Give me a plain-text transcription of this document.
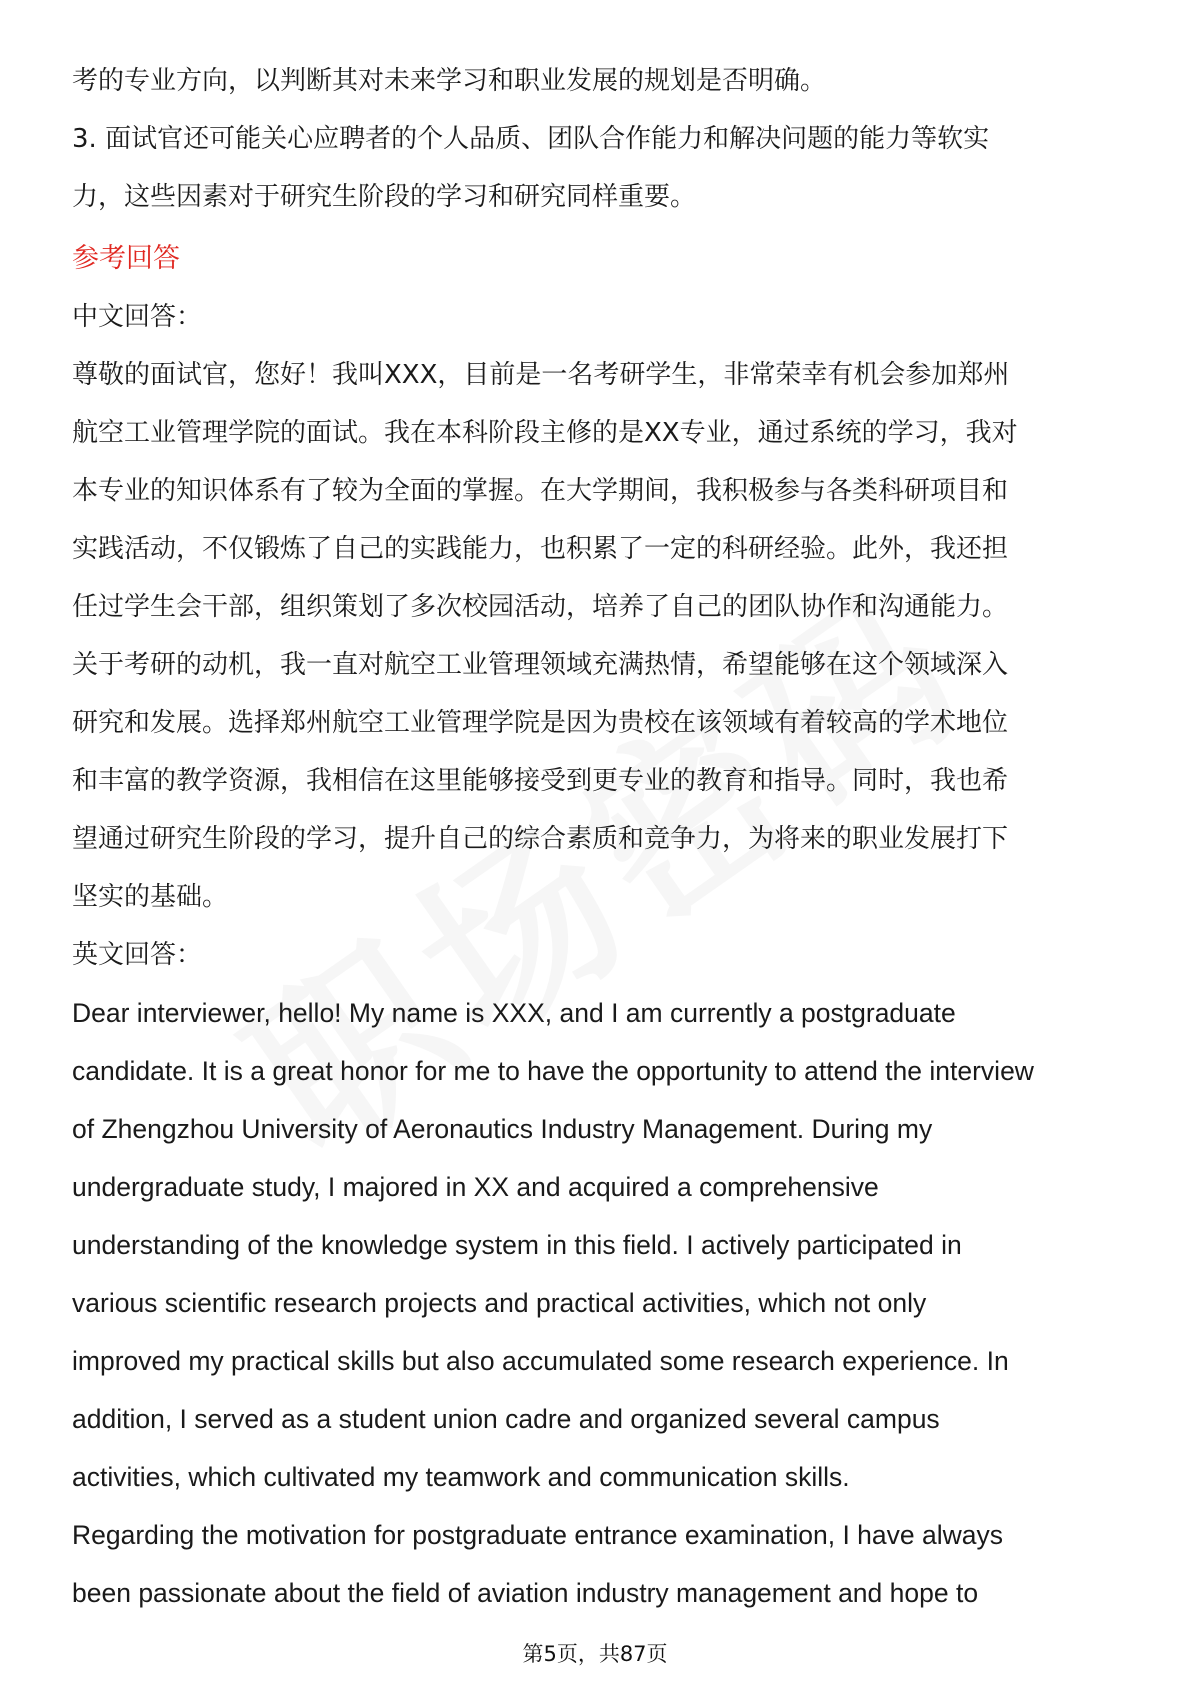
考的专业方向，以判断其对未来学习和职业发展的规划是否明确。
3. 面试官还可能关心应聘者的个人品质、团队合作能力和解决问题的能力等软实
力，这些因素对于研究生阶段的学习和研究同样重要。
参考回答
中文回答：
尊敬的面试官，您好！我叫XXX，目前是一名考研学生，非常荣幸有机会参加郑州
航空工业管理学院的面试。我在本科阶段主修的是XX专业，通过系统的学习，我对
本专业的知识体系有了较为全面的掌握。在大学期间，我积极参与各类科研项目和
实践活动，不仅锻炼了自己的实践能力，也积累了一定的科研经验。此外，我还担
任过学生会干部，组织策划了多次校园活动，培养了自己的团队协作和沟通能力。
关于考研的动机，我一直对航空工业管理领域充满热情，希望能够在这个领域深入
研究和发展。选择郑州航空工业管理学院是因为贵校在该领域有着较高的学术地位
和丰富的教学资源，我相信在这里能够接受到更专业的教育和指导。同时，我也希
望通过研究生阶段的学习，提升自己的综合素质和竞争力，为将来的职业发展打下
坚实的基础。
英文回答：
Dear interviewer, hello! My name is XXX, and I am currently a postgraduate
candidate. It is a great honor for me to have the opportunity to attend the interview
of Zhengzhou University of Aeronautics Industry Management. During my
undergraduate study, I majored in XX and acquired a comprehensive
understanding of the knowledge system in this field. I actively participated in
various scientific research projects and practical activities, which not only
improved my practical skills but also accumulated some research experience. In
addition, I served as a student union cadre and organized several campus
activities, which cultivated my teamwork and communication skills.
Regarding the motivation for postgraduate entrance examination, I have always
been passionate about the field of aviation industry management and hope to
第5页，共87页
